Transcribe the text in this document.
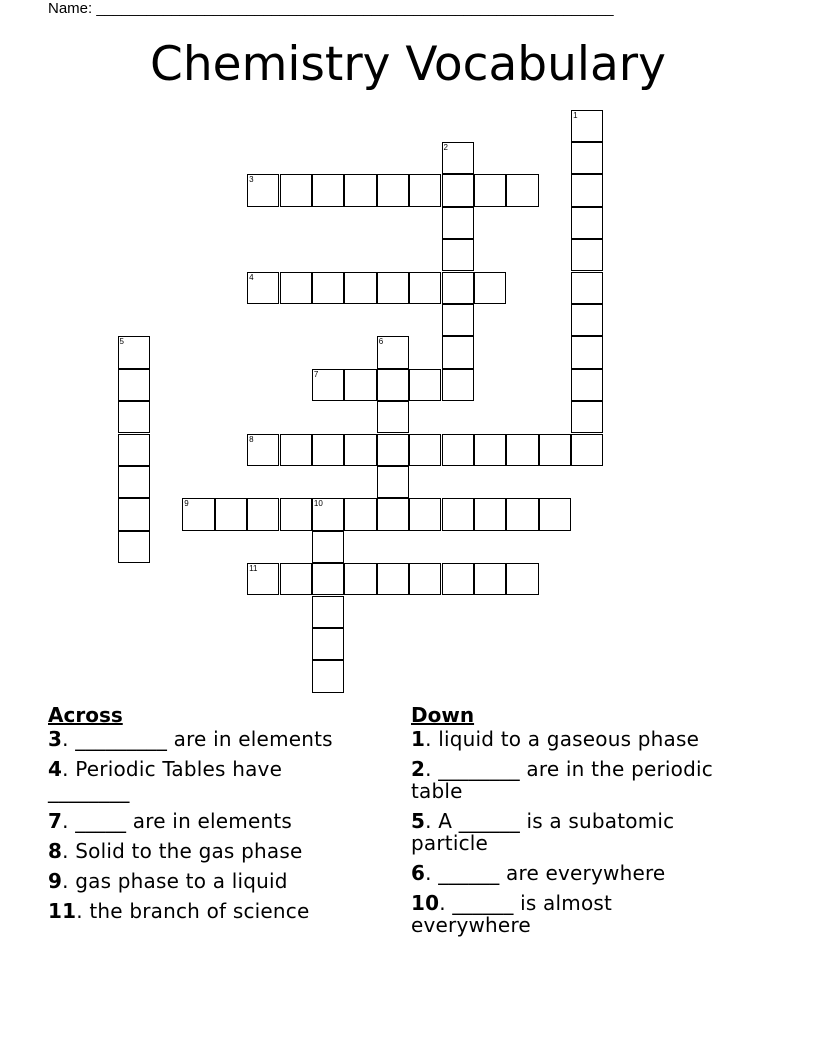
Name: ______________________________________________________________
Chemistry Vocabulary
1
2
3
4
5	6
7
8
9	10
11
Across
3. _________ are in elements
4. Periodic Tables have ________
7. _____ are in elements
8. Solid to the gas phase
9. gas phase to a liquid
11. the branch of science
Down
1. liquid to a gaseous phase
2. ________ are in the periodic table
5. A ______ is a subatomic particle
6. ______ are everywhere
10. ______ is almost everywhere
